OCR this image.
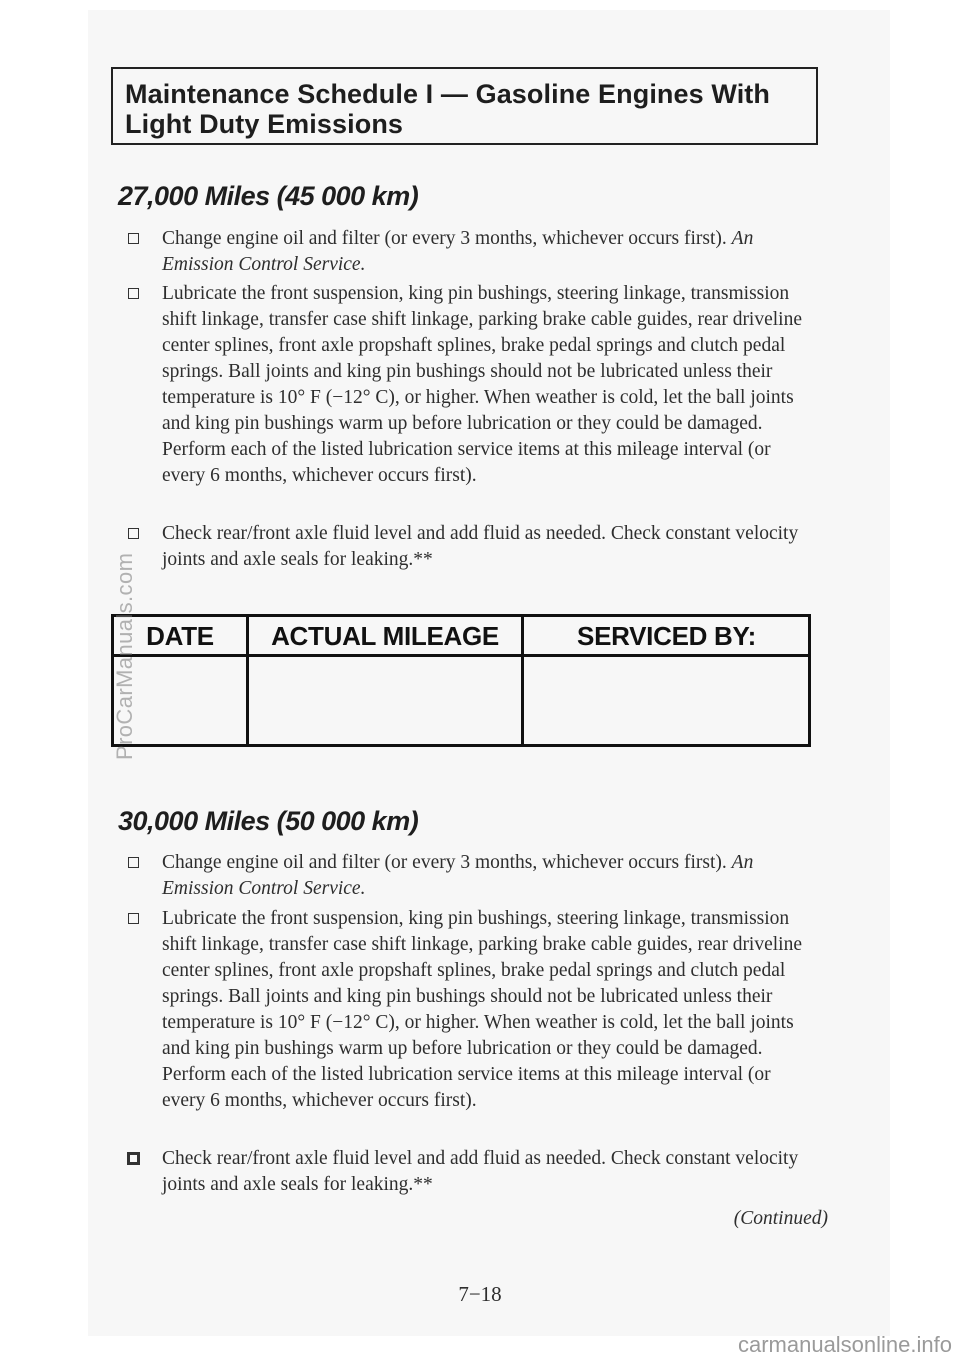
Maintenance Schedule I — Gasoline Engines With Light Duty Emissions
27,000 Miles (45 000 km)
Change engine oil and filter (or every 3 months, whichever occurs first). An Emission Control Service.
Lubricate the front suspension, king pin bushings, steering linkage, transmission shift linkage, transfer case shift linkage, parking brake cable guides, rear driveline center splines, front axle propshaft splines, brake pedal springs and clutch pedal springs. Ball joints and king pin bushings should not be lubricated unless their temperature is 10° F (−12° C), or higher. When weather is cold, let the ball joints and king pin bushings warm up before lubrication or they could be damaged. Perform each of the listed lubrication service items at this mileage interval (or every 6 months, whichever occurs first).
Check rear/front axle fluid level and add fluid as needed. Check constant velocity joints and axle seals for leaking.**
DATE	ACTUAL MILEAGE	SERVICED BY:
30,000 Miles (50 000 km)
Change engine oil and filter (or every 3 months, whichever occurs first). An Emission Control Service.
Lubricate the front suspension, king pin bushings, steering linkage, transmission shift linkage, transfer case shift linkage, parking brake cable guides, rear driveline center splines, front axle propshaft splines, brake pedal springs and clutch pedal springs. Ball joints and king pin bushings should not be lubricated unless their temperature is 10° F (−12° C), or higher. When weather is cold, let the ball joints and king pin bushings warm up before lubrication or they could be damaged. Perform each of the listed lubrication service items at this mileage interval (or every 6 months, whichever occurs first).
Check rear/front axle fluid level and add fluid as needed. Check constant velocity joints and axle seals for leaking.**
(Continued)
7−18
ProCarManuals.com
carmanualsonline.info
